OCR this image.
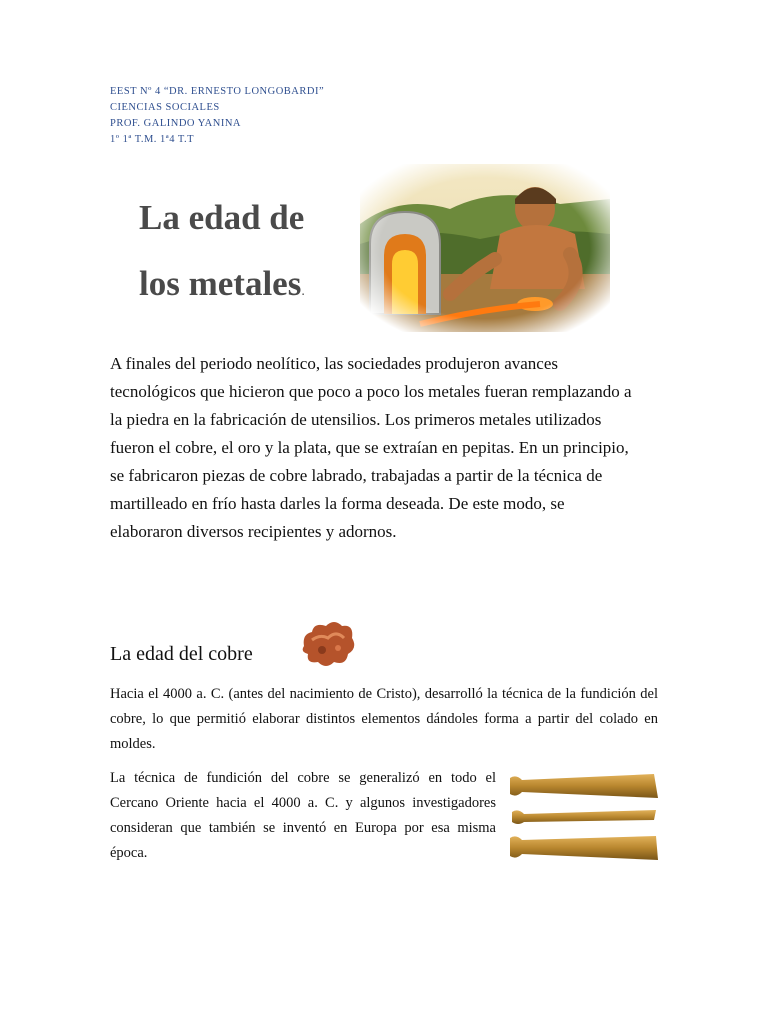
EEST Nº 4 “DR. ERNESTO LONGOBARDI”
CIENCIAS SOCIALES
PROF. GALINDO YANINA
1º 1ª T.M. 1ª4 T.T
La edad de
los metales.
A finales del periodo neolítico, las sociedades produjeron avances tecnológicos que hicieron que poco a poco los metales fueran remplazando a la piedra en la fabricación de utensilios. Los primeros metales utilizados fueron el cobre, el oro y la plata, que se extraían en pepitas. En un principio, se fabricaron piezas de cobre labrado, trabajadas a partir de la técnica de martilleado en frío hasta darles la forma deseada. De este modo, se elaboraron diversos recipientes y adornos.
La edad del cobre
Hacia el 4000 a. C. (antes del nacimiento de Cristo), desarrolló la técnica de la fundición del cobre, lo que permitió elaborar distintos elementos dándoles forma a partir del colado en moldes.
La técnica de fundición del cobre se generalizó en todo el Cercano Oriente hacia el 4000 a. C. y algunos investigadores consideran que también se inventó en Europa por esa misma época.
